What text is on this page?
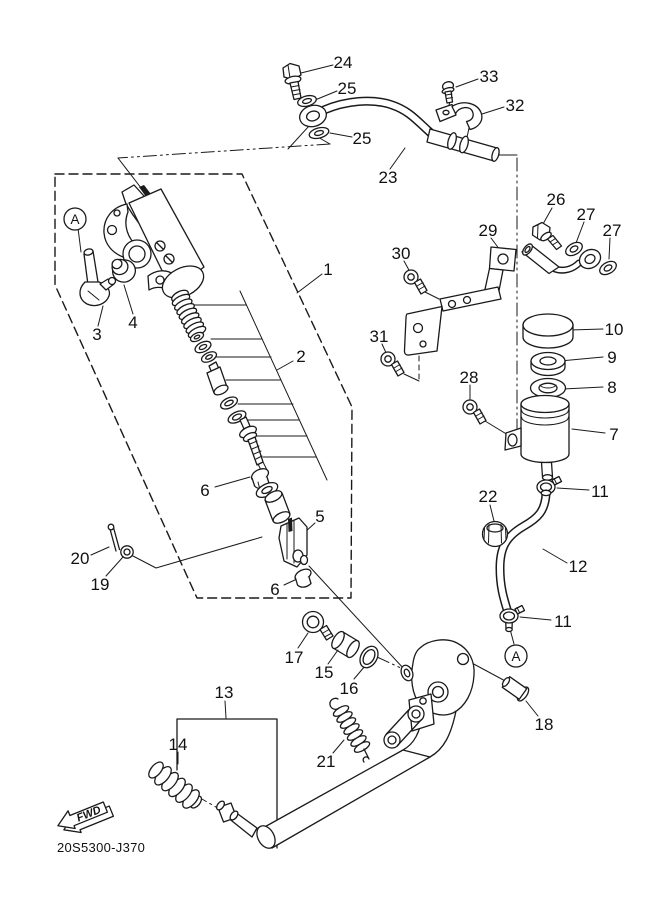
FWD
20S5300-J370
A
A
1
2
3
4
5
6
6
7
8
9
10
11
11
12
13
14
15
16
17
18
19
20
21
22
23
24
25
25
26
27
27
28
29
30
31
32
33
